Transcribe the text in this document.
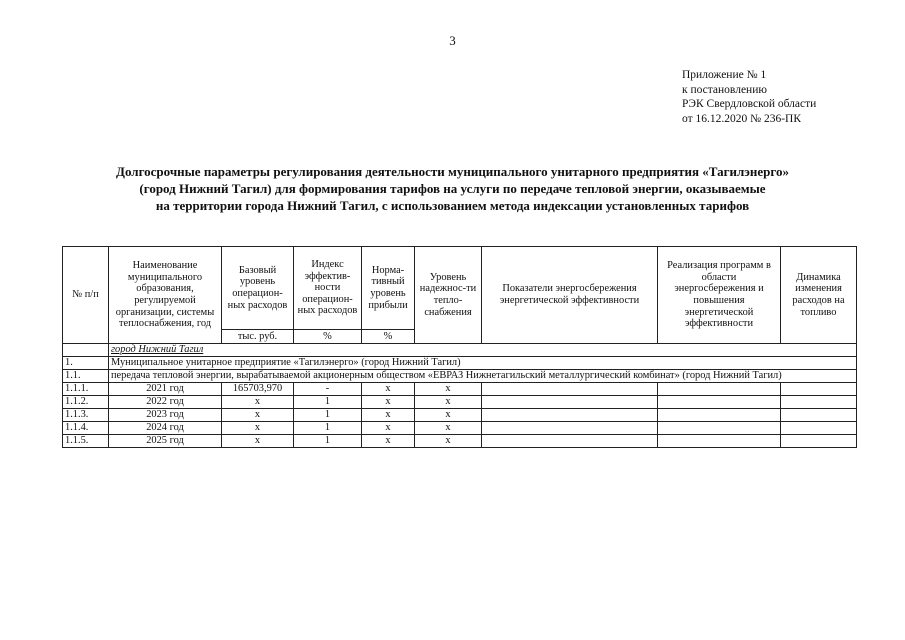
3
Приложение № 1
к постановлению
РЭК Свердловской области
от 16.12.2020 № 236-ПК
Долгосрочные параметры регулирования деятельности муниципального унитарного предприятия «Тагилэнерго»
(город Нижний Тагил) для формирования тарифов на услуги по передаче тепловой энергии, оказываемые
на территории города Нижний Тагил, с использованием метода индексации установленных тарифов
№ п/п	Наименование муниципального образования, регулируемой организации, системы теплоснабжения, год	Базовый уровень операцион-ных расходов	Индекс эффектив-ности операцион-ных расходов	Норма-тивный уровень прибыли	Уровень надежнос-ти тепло-снабжения	Показатели энергосбережения энергетической эффективности	Реализация программ в области энергосбережения и повышения энергетической эффективности	Динамика изменения расходов на топливо
		тыс. руб.	%	%				
	город Нижний Тагил							
1.	Муниципальное унитарное предприятие «Тагилэнерго» (город Нижний Тагил)							
1.1.	передача тепловой энергии, вырабатываемой акционерным обществом «ЕВРАЗ Нижнетагильский металлургический комбинат» (город Нижний Тагил)							
1.1.1.	2021 год	165703,970	-	х	х			
1.1.2.	2022 год	х	1	х	х			
1.1.3.	2023 год	х	1	х	х			
1.1.4.	2024 год	х	1	х	х			
1.1.5.	2025 год	х	1	х	х			
